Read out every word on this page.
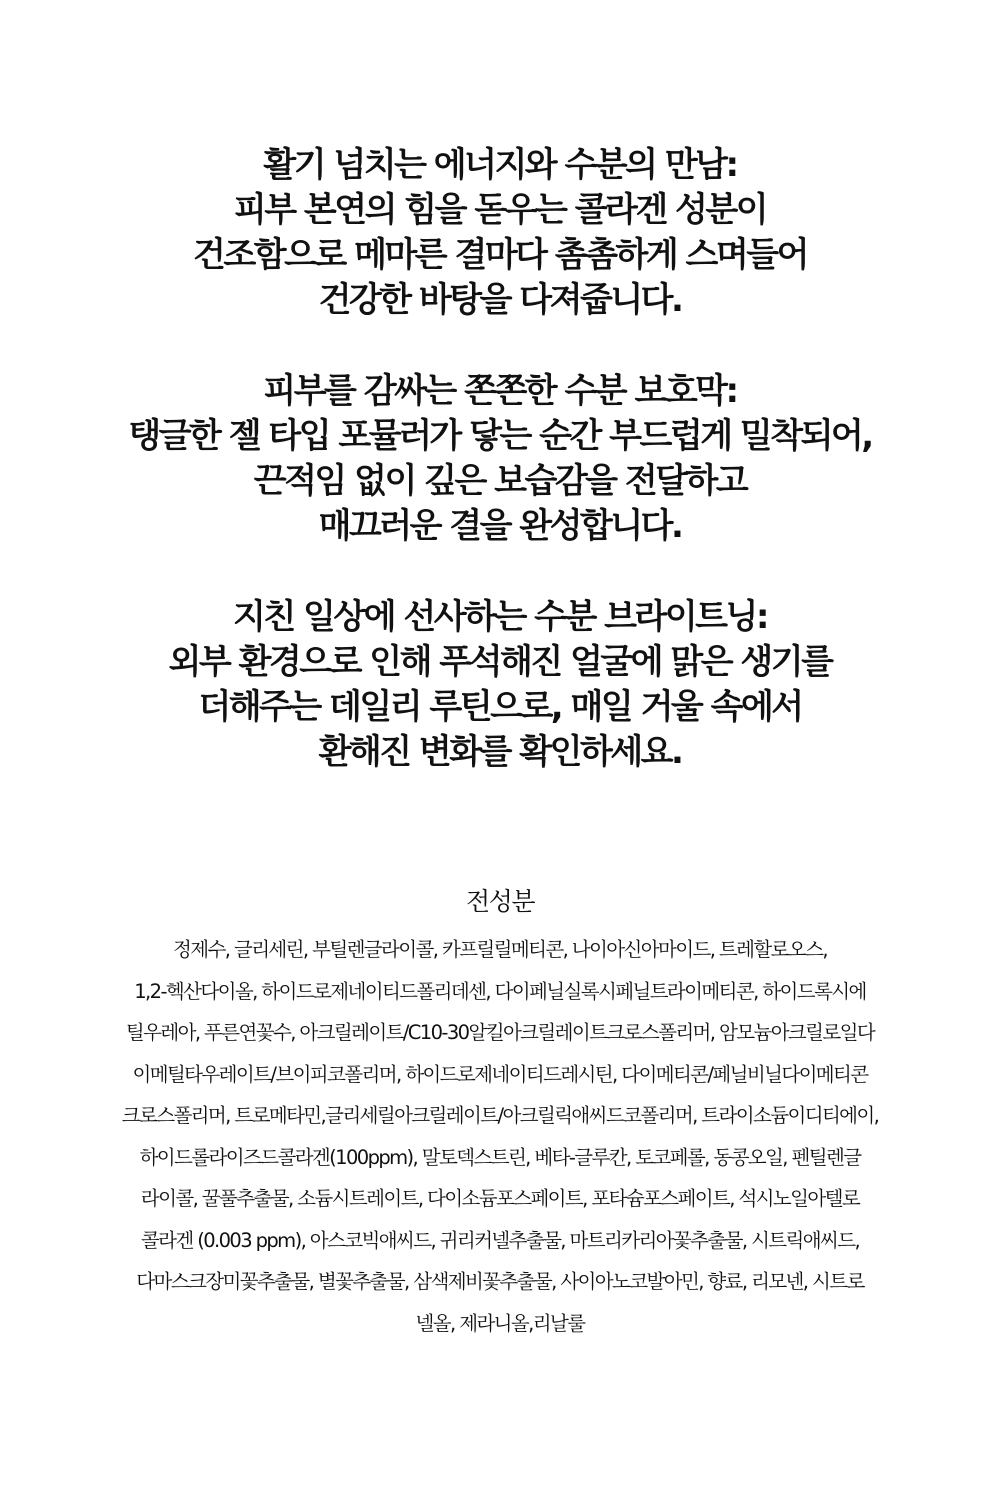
활기 넘치는 에너지와 수분의 만남:
피부 본연의 힘을 돋우는 콜라겐 성분이
건조함으로 메마른 결마다 촘촘하게 스며들어
건강한 바탕을 다져줍니다.
피부를 감싸는 쫀쫀한 수분 보호막:
탱글한 젤 타입 포뮬러가 닿는 순간 부드럽게 밀착되어,
끈적임 없이 깊은 보습감을 전달하고
매끄러운 결을 완성합니다.
지친 일상에 선사하는 수분 브라이트닝:
외부 환경으로 인해 푸석해진 얼굴에 맑은 생기를
더해주는 데일리 루틴으로, 매일 거울 속에서
환해진 변화를 확인하세요.
전성분
정제수, 글리세린, 부틸렌글라이콜, 카프릴릴메티콘, 나이아신아마이드, 트레할로오스,
1,2-헥산다이올, 하이드로제네이티드폴리데센, 다이페닐실록시페닐트라이메티콘, 하이드록시에
틸우레아, 푸른연꽃수, 아크릴레이트/C10-30알킬아크릴레이트크로스폴리머, 암모늄아크릴로일다
이메틸타우레이트/브이피코폴리머, 하이드로제네이티드레시틴, 다이메티콘/페닐비닐다이메티콘
크로스폴리머, 트로메타민,글리세릴아크릴레이트/아크릴릭애씨드코폴리머, 트라이소듐이디티에이,
하이드롤라이즈드콜라겐(100ppm), 말토덱스트린, 베타-글루칸, 토코페롤, 동콩오일, 펜틸렌글
라이콜, 꿀풀추출물, 소듐시트레이트, 다이소듐포스페이트, 포타슘포스페이트, 석시노일아텔로
콜라겐 (0.003 ppm), 아스코빅애씨드, 귀리커넬추출물, 마트리카리아꽃추출물, 시트릭애씨드,
다마스크장미꽃추출물, 별꽃추출물, 삼색제비꽃추출물, 사이아노코발아민, 향료, 리모넨, 시트로
넬올, 제라니올,리날룰
